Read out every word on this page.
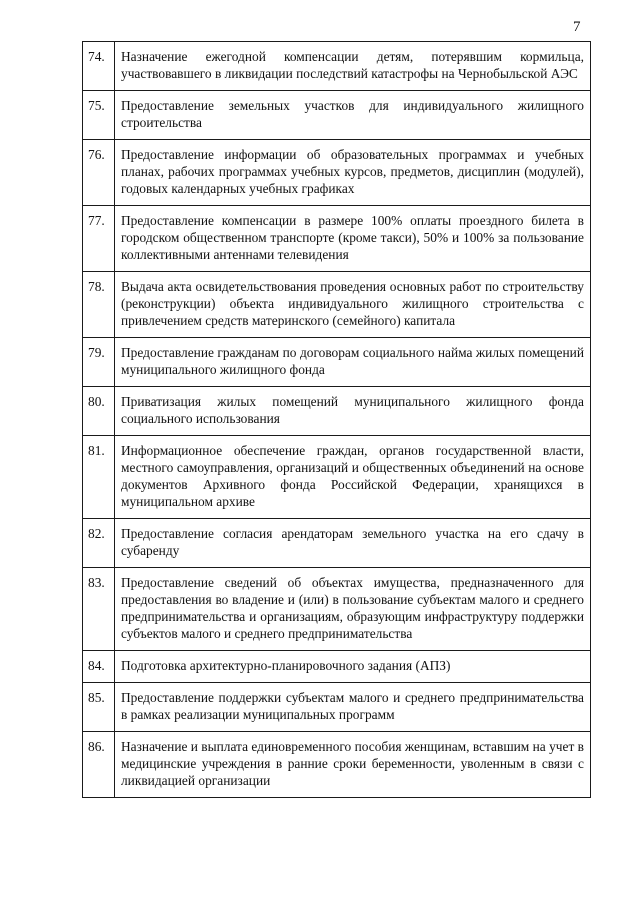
7
74.	Назначение ежегодной компенсации детям, потерявшим кормильца, участвовавшего в ликвидации последствий катастрофы на Чернобыльской АЭС
75.	Предоставление земельных участков для индивидуального жилищного строительства
76.	Предоставление информации об образовательных программах и учебных планах, рабочих программах учебных курсов, предметов, дисциплин (модулей), годовых календарных учебных графиках
77.	Предоставление компенсации в размере 100% оплаты проездного билета в городском общественном транспорте (кроме такси), 50% и 100% за пользование коллективными антеннами телевидения
78.	Выдача акта освидетельствования проведения основных работ по строительству (реконструкции) объекта индивидуального жилищного строительства с привлечением средств материнского (семейного) капитала
79.	Предоставление гражданам по договорам социального найма жилых помещений муниципального жилищного фонда
80.	Приватизация жилых помещений муниципального жилищного фонда социального использования
81.	Информационное обеспечение граждан, органов государственной власти, местного самоуправления, организаций и общественных объединений на основе документов Архивного фонда Российской Федерации, хранящихся в муниципальном архиве
82.	Предоставление согласия арендаторам земельного участка на его сдачу в субаренду
83.	Предоставление сведений об объектах имущества, предназначенного для предоставления во владение и (или) в пользование субъектам малого и среднего предпринимательства и организациям, образующим инфраструктуру поддержки субъектов малого и среднего предпринимательства
84.	Подготовка архитектурно-планировочного задания (АПЗ)
85.	Предоставление поддержки субъектам малого и среднего предпринимательства в рамках реализации муниципальных программ
86.	Назначение и выплата единовременного пособия женщинам, вставшим на учет в медицинские учреждения в ранние сроки беременности, уволенным в связи с ликвидацией организации
